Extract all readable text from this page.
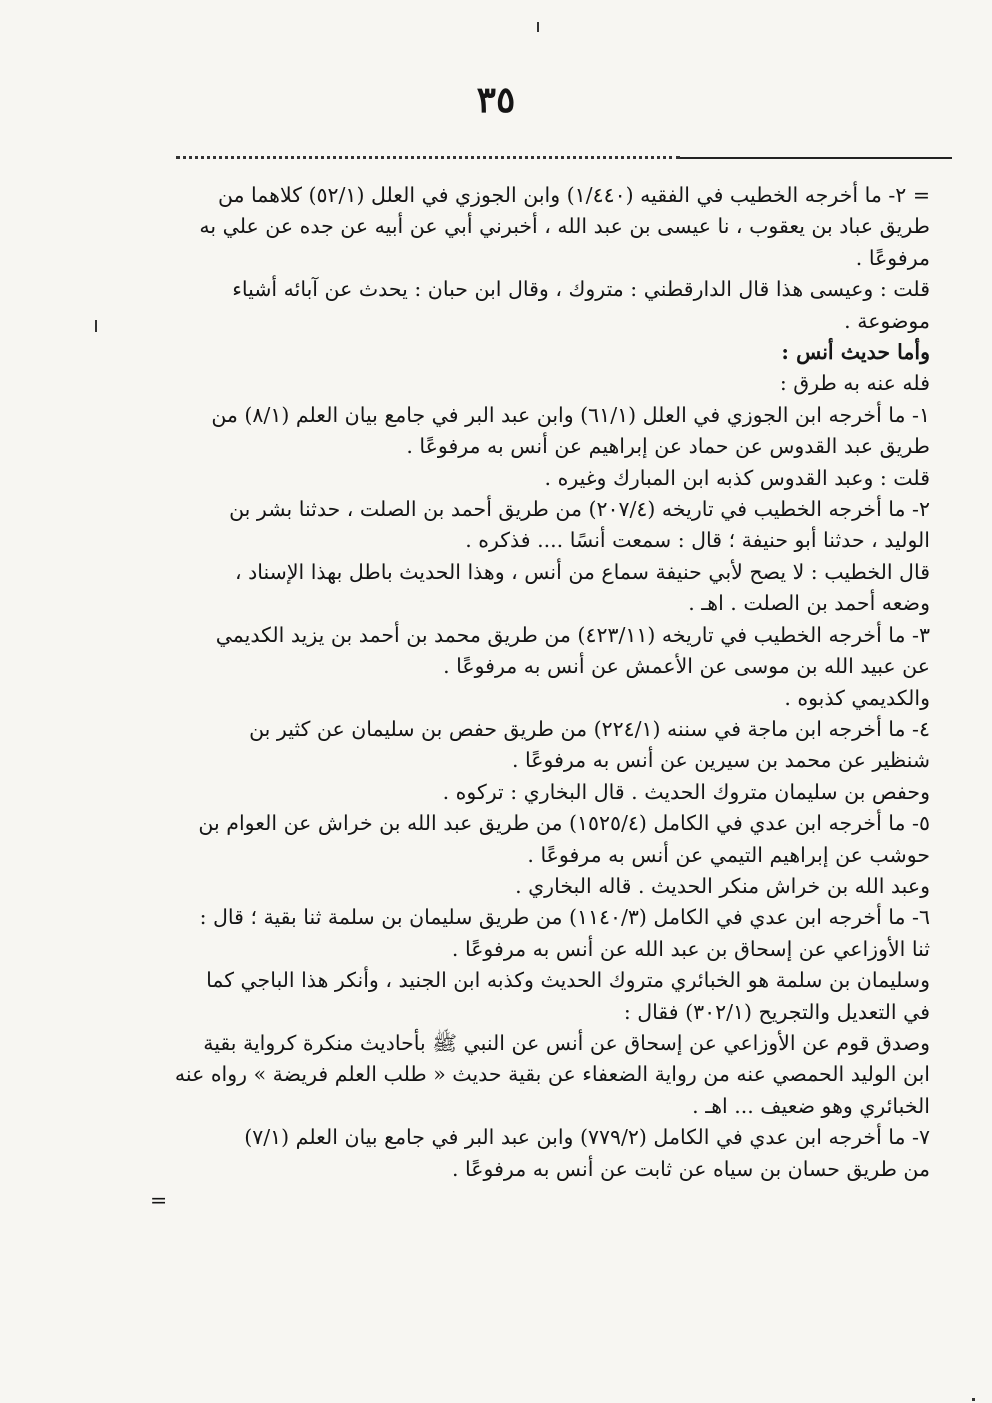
٣٥

= ٢- ما أخرجه الخطيب في الفقيه (١/٤٤٠) وابن الجوزي في العلل (٥٢/١) كلاهما من

طريق عباد بن يعقوب ، نا عيسى بن عبد الله ، أخبرني أبي عن أبيه عن جده عن علي به

مرفوعًا .

قلت : وعيسى هذا قال الدارقطني : متروك ، وقال ابن حبان : يحدث عن آبائه أشياء

موضوعة .

وأما حديث أنس :

فله عنه به طرق :

١- ما أخرجه ابن الجوزي في العلل (٦١/١) وابن عبد البر في جامع بيان العلم (٨/١) من

طريق عبد القدوس عن حماد عن إبراهيم عن أنس به مرفوعًا .

قلت : وعبد القدوس كذبه ابن المبارك وغيره .

٢- ما أخرجه الخطيب في تاريخه (٢٠٧/٤) من طريق أحمد بن الصلت ، حدثنا بشر بن

الوليد ، حدثنا أبو حنيفة ؛ قال : سمعت أنسًا .... فذكره .

قال الخطيب : لا يصح لأبي حنيفة سماع من أنس ، وهذا الحديث باطل بهذا الإسناد ،

وضعه أحمد بن الصلت . اهـ .

٣- ما أخرجه الخطيب في تاريخه (٤٢٣/١١) من طريق محمد بن أحمد بن يزيد الكديمي

عن عبيد الله بن موسى عن الأعمش عن أنس به مرفوعًا .

والكديمي كذبوه .

٤- ما أخرجه ابن ماجة في سننه (٢٢٤/١) من طريق حفص بن سليمان عن كثير بن

شنظير عن محمد بن سيرين عن أنس به مرفوعًا .

وحفص بن سليمان متروك الحديث . قال البخاري : تركوه .

٥- ما أخرجه ابن عدي في الكامل (١٥٢٥/٤) من طريق عبد الله بن خراش عن العوام بن

حوشب عن إبراهيم التيمي عن أنس به مرفوعًا .

وعبد الله بن خراش منكر الحديث . قاله البخاري .

٦- ما أخرجه ابن عدي في الكامل (١١٤٠/٣) من طريق سليمان بن سلمة ثنا بقية ؛ قال :

ثنا الأوزاعي عن إسحاق بن عبد الله عن أنس به مرفوعًا .

وسليمان بن سلمة هو الخبائري متروك الحديث وكذبه ابن الجنيد ، وأنكر هذا الباجي كما

في التعديل والتجريح (٣٠٢/١) فقال :

وصدق قوم عن الأوزاعي عن إسحاق عن أنس عن النبي ﷺ بأحاديث منكرة كرواية بقية

ابن الوليد الحمصي عنه من رواية الضعفاء عن بقية حديث « طلب العلم فريضة » رواه عنه

الخبائري وهو ضعيف ... اهـ .

٧- ما أخرجه ابن عدي في الكامل (٧٧٩/٢) وابن عبد البر في جامع بيان العلم (٧/١)

من طريق حسان بن سياه عن ثابت عن أنس به مرفوعًا .

=
